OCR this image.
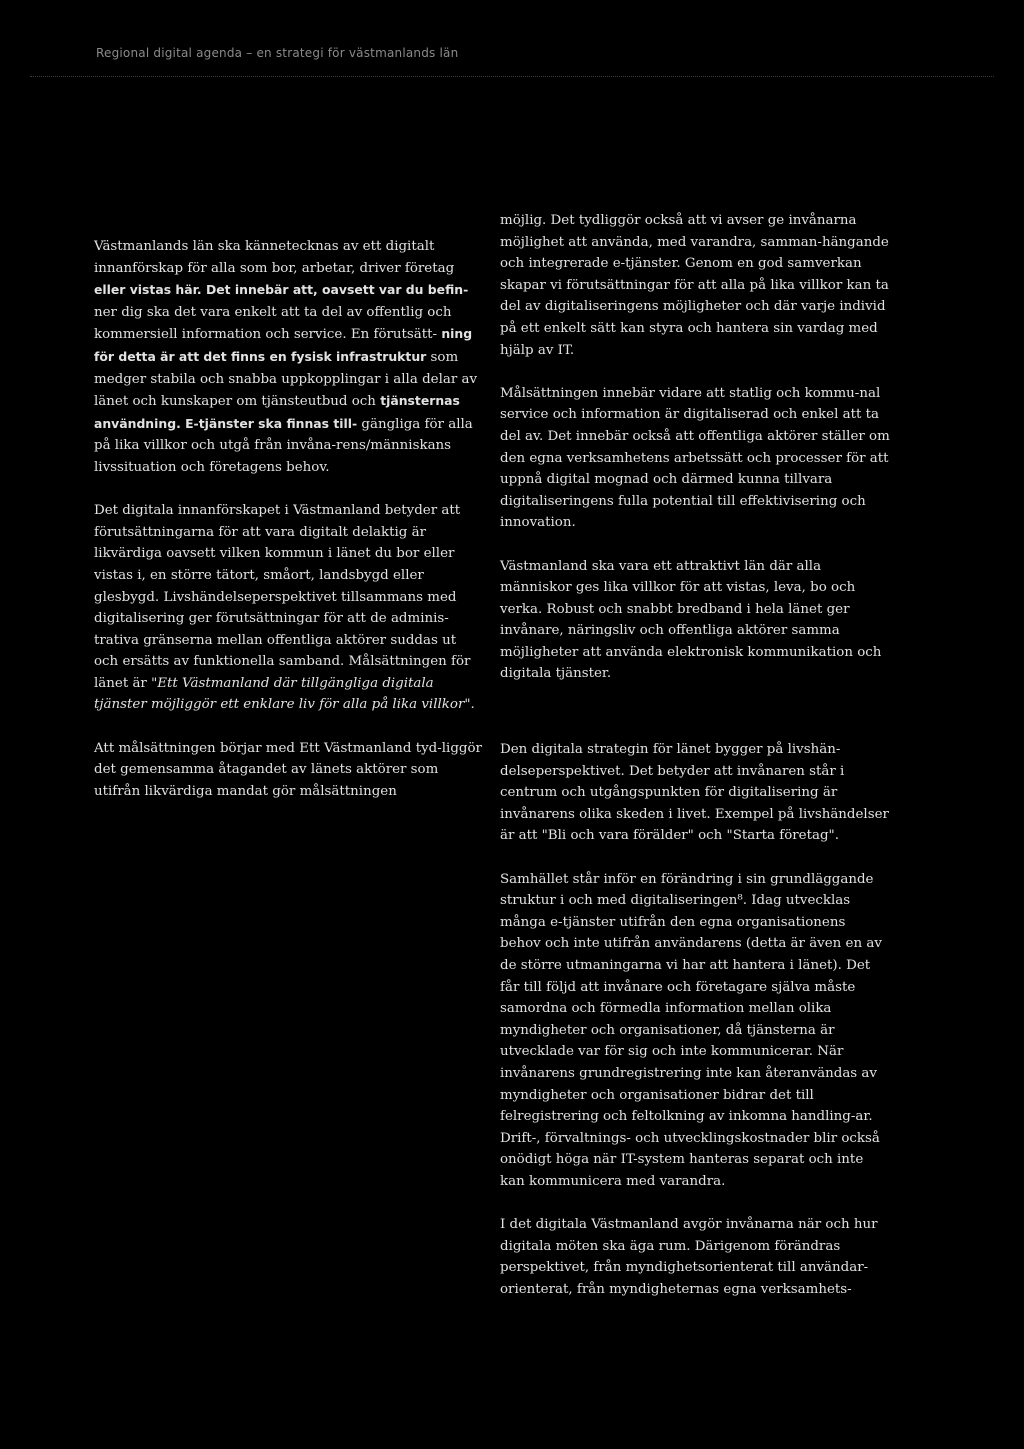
Regional digital agenda – en strategi för västmanlands län

Västmanlands län ska kännetecknas av ett digitalt innanförskap för alla som bor, arbetar, driver företag eller vistas här. Det innebär att, oavsett var du befin- ner dig ska det vara enkelt att ta del av offentlig och kommersiell information och service. En förutsätt- ning för detta är att det finns en fysisk infrastruktur som medger stabila och snabba uppkopplingar i alla delar av länet och kunskaper om tjänsteutbud och tjänsternas användning. E-tjänster ska finnas till- gängliga för alla på lika villkor och utgå från invåna-rens/människans livssituation och företagens behov.

Det digitala innanförskapet i Västmanland betyder att förutsättningarna för att vara digitalt delaktig är likvärdiga oavsett vilken kommun i länet du bor eller vistas i, en större tätort, småort, landsbygd eller glesbygd. Livshändelseperspektivet tillsammans med digitalisering ger förutsättningar för att de adminis-trativa gränserna mellan offentliga aktörer suddas ut och ersätts av funktionella samband. Målsättningen för länet är "Ett Västmanland där tillgängliga digitala tjänster möjliggör ett enklare liv för alla på lika villkor".

Att målsättningen börjar med Ett Västmanland tyd-liggör det gemensamma åtagandet av länets aktörer som utifrån likvärdiga mandat gör målsättningen

möjlig. Det tydliggör också att vi avser ge invånarna möjlighet att använda, med varandra, samman-hängande och integrerade e-tjänster. Genom en god samverkan skapar vi förutsättningar för att alla på lika villkor kan ta del av digitaliseringens möjligheter och där varje individ på ett enkelt sätt kan styra och hantera sin vardag med hjälp av IT.

Målsättningen innebär vidare att statlig och kommu-nal service och information är digitaliserad och enkel att ta del av. Det innebär också att offentliga aktörer ställer om den egna verksamhetens arbetssätt och processer för att uppnå digital mognad och därmed kunna tillvara digitaliseringens fulla potential till effektivisering och innovation.

Västmanland ska vara ett attraktivt län där alla människor ges lika villkor för att vistas, leva, bo och verka. Robust och snabbt bredband i hela länet ger invånare, näringsliv och offentliga aktörer samma möjligheter att använda elektronisk kommunikation och digitala tjänster.

Den digitala strategin för länet bygger på livshän-delseperspektivet. Det betyder att invånaren står i centrum och utgångspunkten för digitalisering är invånarens olika skeden i livet. Exempel på livshändelser är att "Bli och vara förälder" och "Starta företag".

Samhället står inför en förändring i sin grundläggande struktur i och med digitaliseringen⁸. Idag utvecklas många e-tjänster utifrån den egna organisationens behov och inte utifrån användarens (detta är även en av de större utmaningarna vi har att hantera i länet). Det får till följd att invånare och företagare själva måste samordna och förmedla information mellan olika myndigheter och organisationer, då tjänsterna är utvecklade var för sig och inte kommunicerar. När invånarens grundregistrering inte kan återanvändas av myndigheter och organisationer bidrar det till felregistrering och feltolkning av inkomna handling-ar. Drift-, förvaltnings- och utvecklingskostnader blir också onödigt höga när IT-system hanteras separat och inte kan kommunicera med varandra.

I det digitala Västmanland avgör invånarna när och hur digitala möten ska äga rum. Därigenom förändras perspektivet, från myndighetsorienterat till användar-orienterat, från myndigheternas egna verksamhets-
